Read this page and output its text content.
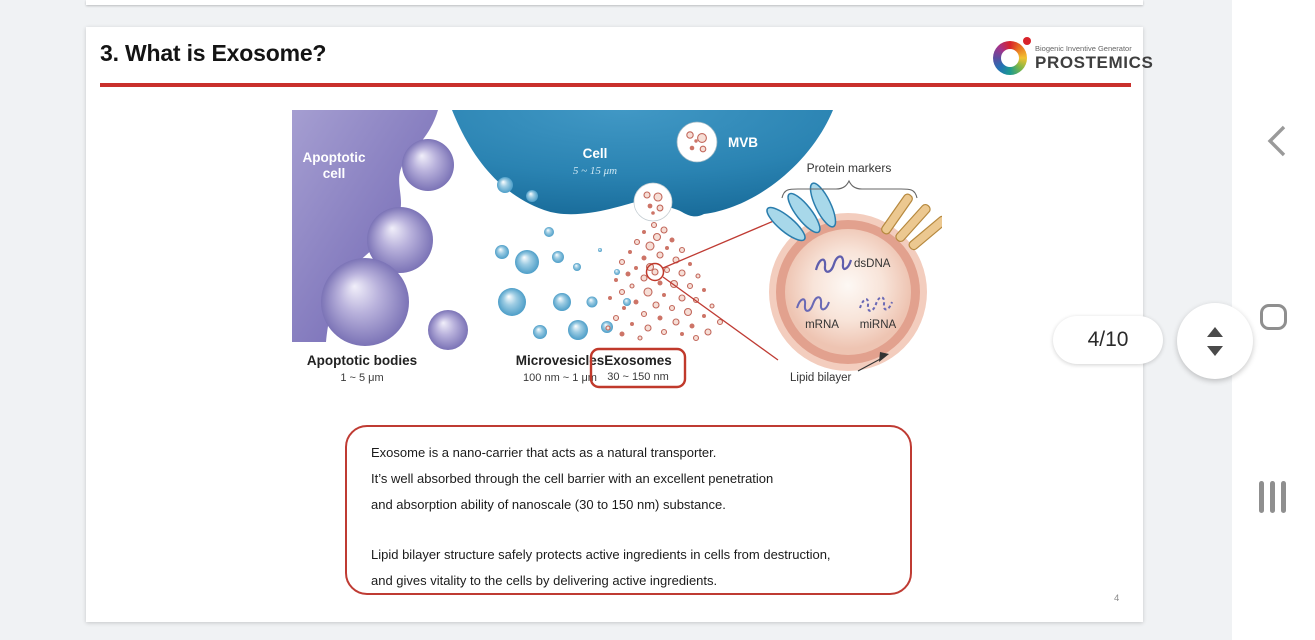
3. What is Exosome?	Biogenic Inventive Generator
PROSTEMICS
Apoptotic
cell
Cell
5 ~ 15 μm
MVB
Protein markers
dsDNA
mRNA miRNA
Lipid bilayer
Apoptotic bodies
1 ~ 5 μm
Microvesicles
100 nm ~ 1 μm
Exosomes
30 ~ 150 nm
Exosome is a nano-carrier that acts as a natural transporter.
It’s well absorbed through the cell barrier with an excellent penetration
and absorption ability of nanoscale (30 to 150 nm) substance.
Lipid bilayer structure safely protects active ingredients in cells from destruction,
and gives vitality to the cells by delivering active ingredients.
4
4/10
